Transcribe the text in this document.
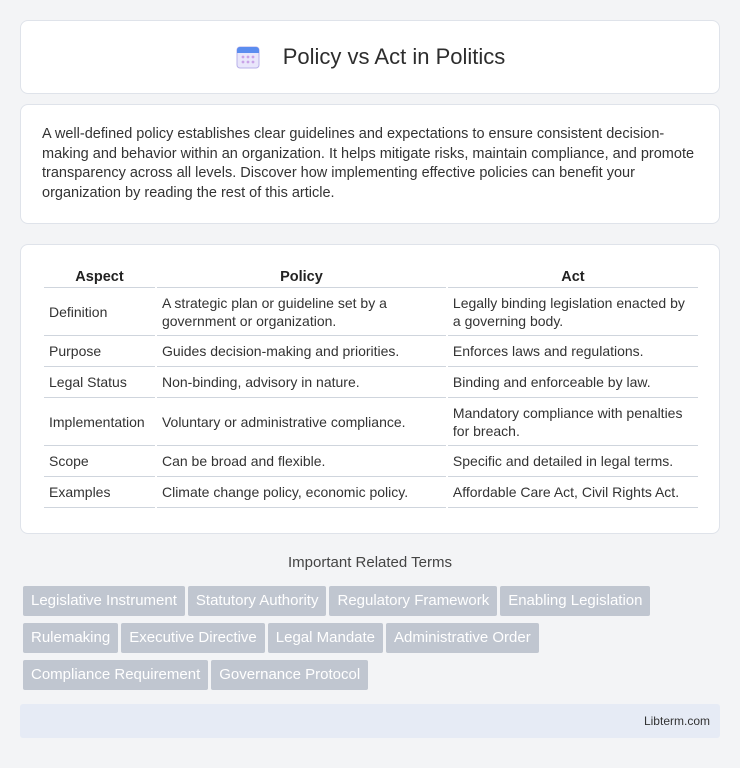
Policy vs Act in Politics

A well-defined policy establishes clear guidelines and expectations to ensure consistent decision-making and behavior within an organization. It helps mitigate risks, maintain compliance, and promote transparency across all levels. Discover how implementing effective policies can benefit your organization by reading the rest of this article.

Aspect	Policy	Act
Definition	A strategic plan or guideline set by a government or organization.	Legally binding legislation enacted by a governing body.
Purpose	Guides decision-making and priorities.	Enforces laws and regulations.
Legal Status	Non-binding, advisory in nature.	Binding and enforceable by law.
Implementation	Voluntary or administrative compliance.	Mandatory compliance with penalties for breach.
Scope	Can be broad and flexible.	Specific and detailed in legal terms.
Examples	Climate change policy, economic policy.	Affordable Care Act, Civil Rights Act.
Important Related Terms
Legislative Instrument Statutory Authority Regulatory Framework Enabling Legislation
Rulemaking Executive Directive Legal Mandate Administrative Order
Compliance Requirement Governance Protocol
Libterm.com
